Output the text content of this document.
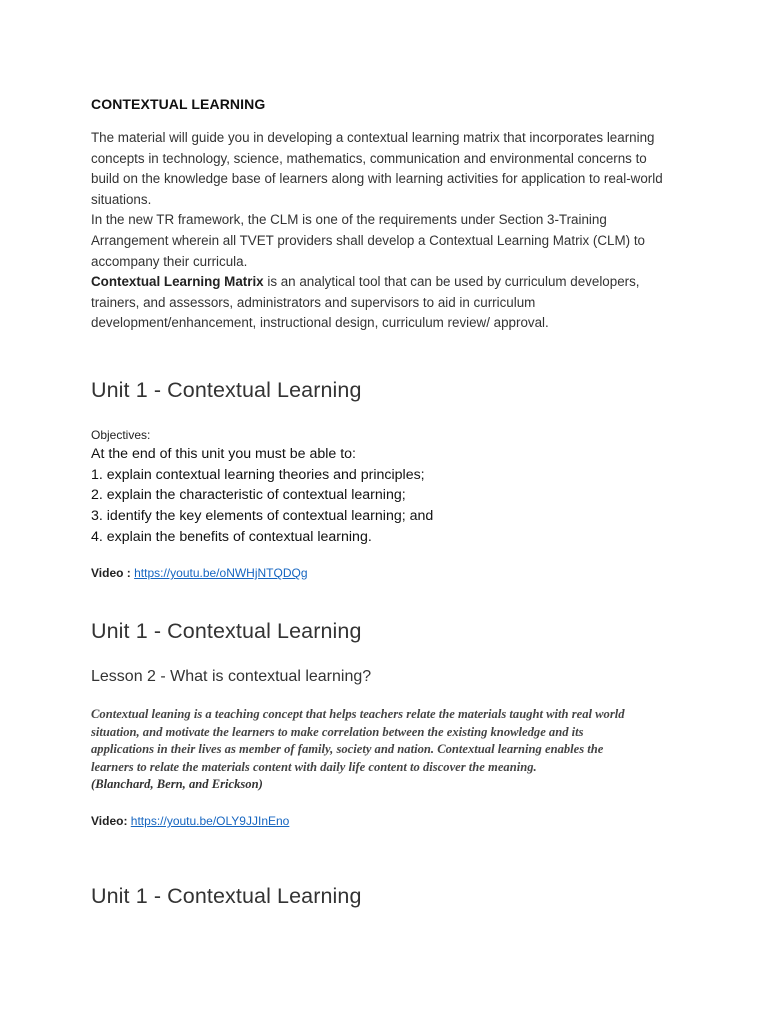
CONTEXTUAL LEARNING

The material will guide you in developing a contextual learning matrix that incorporates learning concepts in technology, science, mathematics, communication and environmental concerns to build on the knowledge base of learners along with learning activities for application to real-world situations.

In the new TR framework, the CLM is one of the requirements under Section 3-Training Arrangement wherein all TVET providers shall develop a Contextual Learning Matrix (CLM) to accompany their curricula.

Contextual Learning Matrix is an analytical tool that can be used by curriculum developers, trainers, and assessors, administrators and supervisors to aid in curriculum development/enhancement, instructional design, curriculum review/ approval.

Unit 1 - Contextual Learning
Objectives:
At the end of this unit you must be able to:
1. explain contextual learning theories and principles;
2. explain the characteristic of contextual learning;
3. identify the key elements of contextual learning; and
4. explain the benefits of contextual learning.
Video : https://youtu.be/oNWHjNTQDQg
Unit 1 - Contextual Learning
Lesson 2 - What is contextual learning?
Contextual leaning is a teaching concept that helps teachers relate the materials taught with real world
situation, and motivate the learners to make correlation between the existing knowledge and its
applications in their lives as member of family, society and nation. Contextual learning enables the
learners to relate the materials content with daily life content to discover the meaning.
(Blanchard, Bern, and Erickson)
Video: https://youtu.be/OLY9JJInEno
Unit 1 - Contextual Learning
